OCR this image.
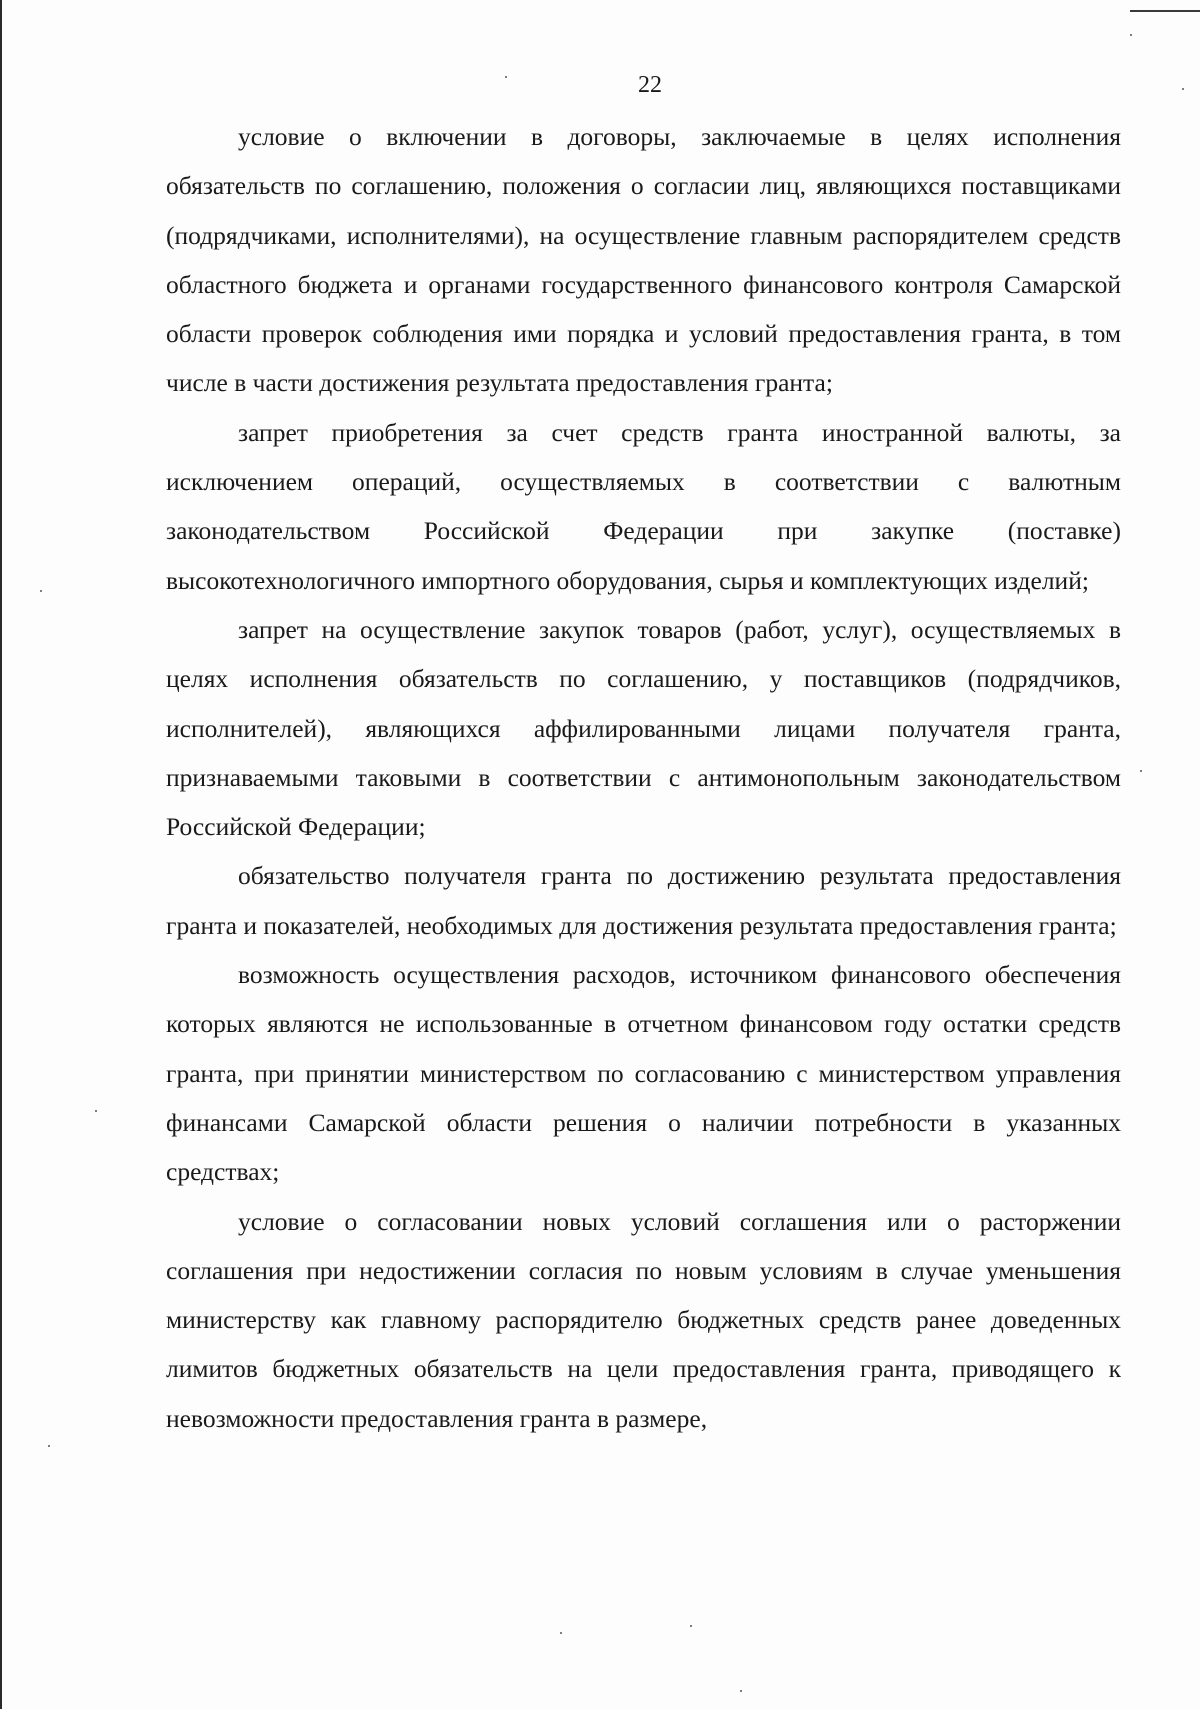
22

условие о включении в договоры, заключаемые в целях исполнения обязательств по соглашению, положения о согласии лиц, являющихся поставщиками (подрядчиками, исполнителями), на осуществление главным распорядителем средств областного бюджета и органами государственного финансового контроля Самарской области проверок соблюдения ими порядка и условий предоставления гранта, в том числе в части достижения результата предоставления гранта;

запрет приобретения за счет средств гранта иностранной валюты, за исключением операций, осуществляемых в соответствии с валютным законодательством Российской Федерации при закупке (поставке) высокотехнологичного импортного оборудования, сырья и комплектующих изделий;

запрет на осуществление закупок товаров (работ, услуг), осуществляемых в целях исполнения обязательств по соглашению, у поставщиков (подрядчиков, исполнителей), являющихся аффилированными лицами получателя гранта, признаваемыми таковыми в соответствии с антимонопольным законодательством Российской Федерации;

обязательство получателя гранта по достижению результата предоставления гранта и показателей, необходимых для достижения результата предоставления гранта;

возможность осуществления расходов, источником финансового обеспечения которых являются не использованные в отчетном финансовом году остатки средств гранта, при принятии министерством по согласованию с министерством управления финансами Самарской области решения о наличии потребности в указанных средствах;

условие о согласовании новых условий соглашения или о расторжении соглашения при недостижении согласия по новым условиям в случае уменьшения министерству как главному распорядителю бюджетных средств ранее доведенных лимитов бюджетных обязательств на цели предоставления гранта, приводящего к невозможности предоставления гранта в размере,
